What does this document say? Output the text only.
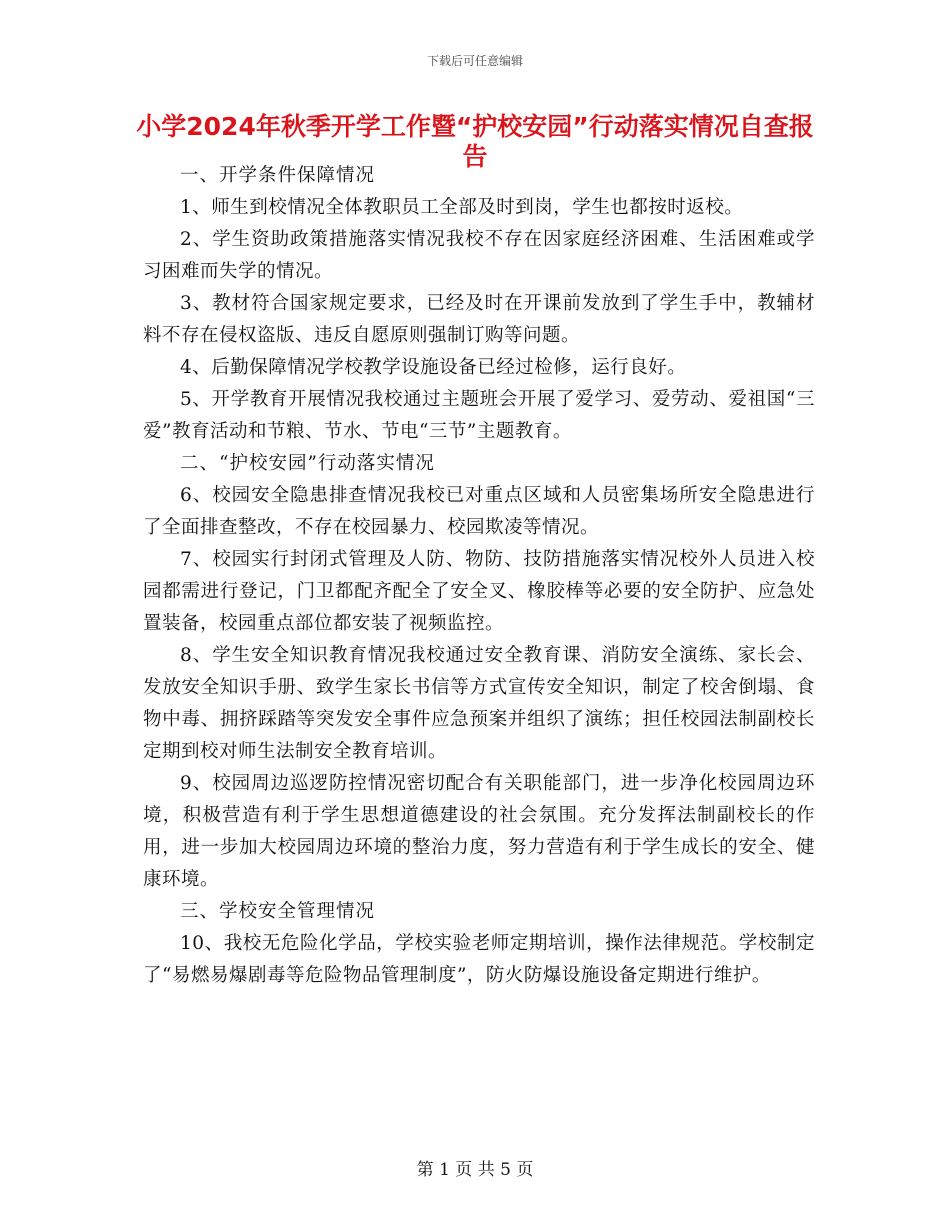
下载后可任意编辑
小学2024年秋季开学工作暨“护校安园”行动落实情况自查报告

一、开学条件保障情况

1、师生到校情况全体教职员工全部及时到岗，学生也都按时返校。

2、学生资助政策措施落实情况我校不存在因家庭经济困难、生活困难或学习困难而失学的情况。

3、教材符合国家规定要求，已经及时在开课前发放到了学生手中，教辅材料不存在侵权盗版、违反自愿原则强制订购等问题。

4、后勤保障情况学校教学设施设备已经过检修，运行良好。

5、开学教育开展情况我校通过主题班会开展了爱学习、爱劳动、爱祖国“三爱”教育活动和节粮、节水、节电“三节”主题教育。

二、“护校安园”行动落实情况

6、校园安全隐患排查情况我校已对重点区域和人员密集场所安全隐患进行了全面排查整改，不存在校园暴力、校园欺凌等情况。

7、校园实行封闭式管理及人防、物防、技防措施落实情况校外人员进入校园都需进行登记，门卫都配齐配全了安全叉、橡胶棒等必要的安全防护、应急处置装备，校园重点部位都安装了视频监控。

8、学生安全知识教育情况我校通过安全教育课、消防安全演练、家长会、发放安全知识手册、致学生家长书信等方式宣传安全知识，制定了校舍倒塌、食物中毒、拥挤踩踏等突发安全事件应急预案并组织了演练；担任校园法制副校长定期到校对师生法制安全教育培训。

9、校园周边巡逻防控情况密切配合有关职能部门，进一步净化校园周边环境，积极营造有利于学生思想道德建设的社会氛围。充分发挥法制副校长的作用，进一步加大校园周边环境的整治力度，努力营造有利于学生成长的安全、健康环境。

三、学校安全管理情况

10、我校无危险化学品，学校实验老师定期培训，操作法律规范。学校制定了“易燃易爆剧毒等危险物品管理制度”，防火防爆设施设备定期进行维护。

第 1 页 共 5 页
